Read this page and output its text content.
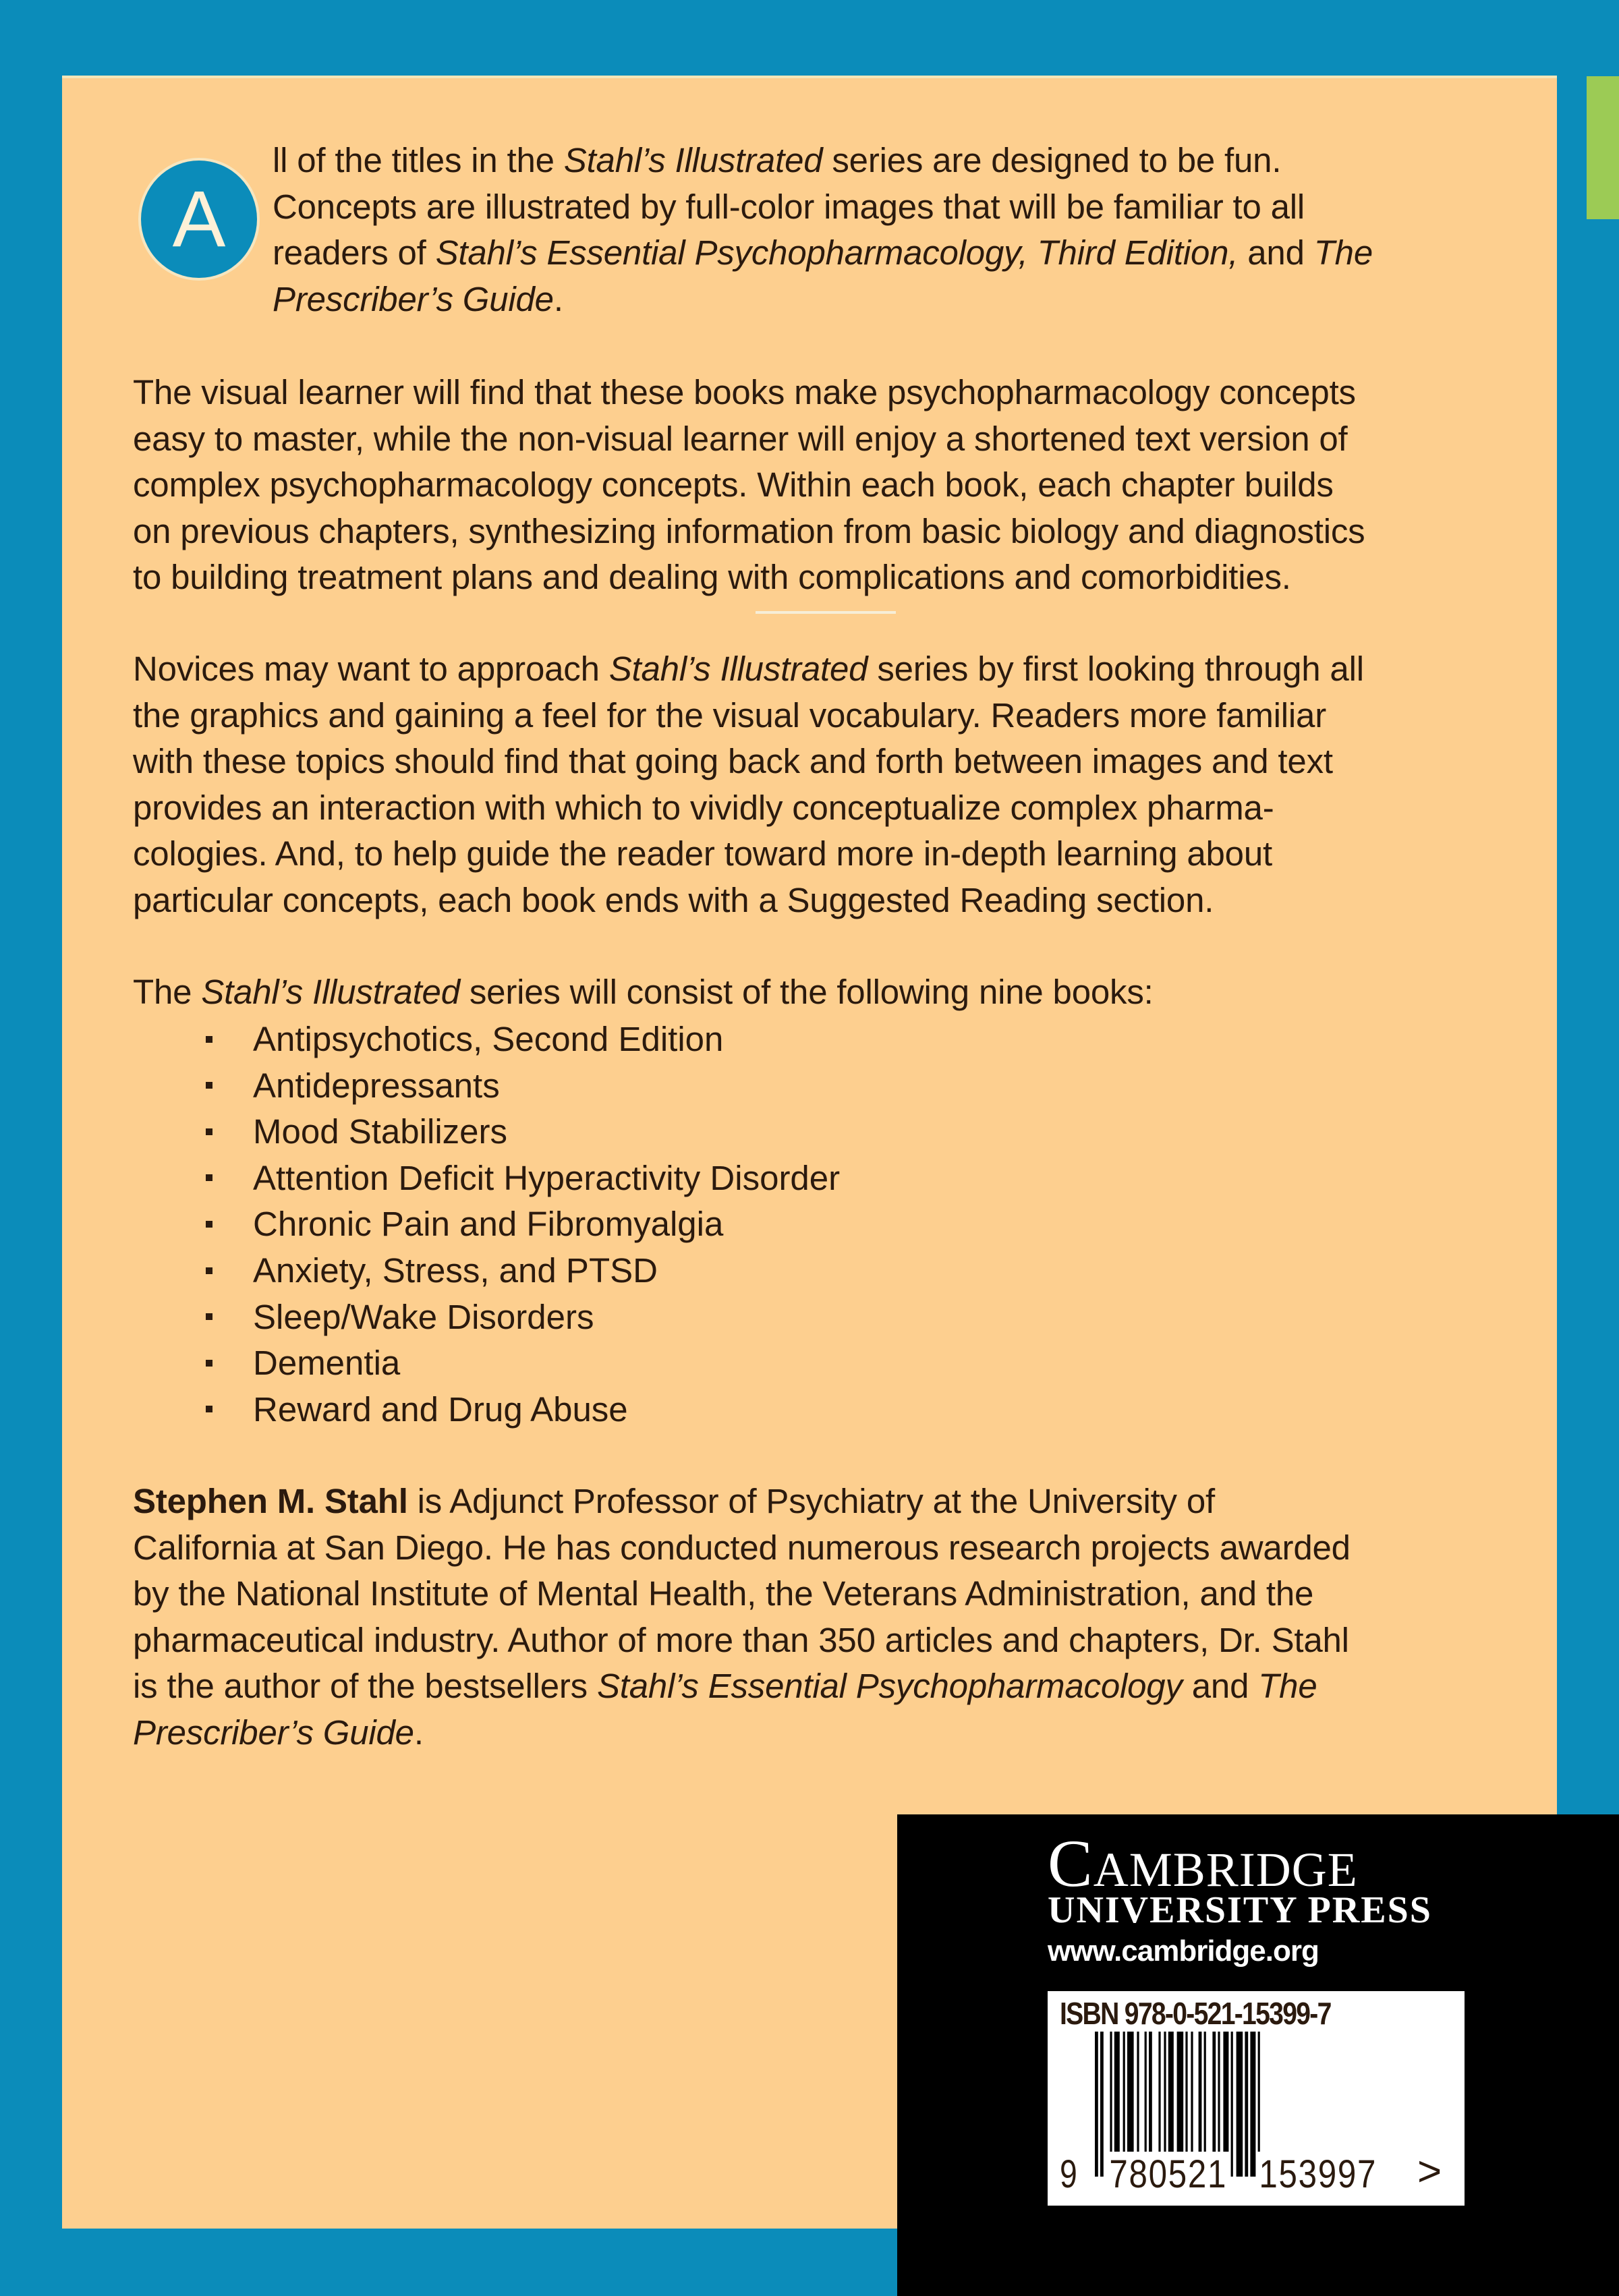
A
ll of the titles in the Stahl’s Illustrated series are designed to be fun.
Concepts are illustrated by full-color images that will be familiar to all
readers of Stahl’s Essential Psychopharmacology, Third Edition, and The
Prescriber’s Guide.
The visual learner will find that these books make psychopharmacology concepts
easy to master, while the non-visual learner will enjoy a shortened text version of
complex psychopharmacology concepts. Within each book, each chapter builds
on previous chapters, synthesizing information from basic biology and diagnostics
to building treatment plans and dealing with complications and comorbidities.
Novices may want to approach Stahl’s Illustrated series by first looking through all
the graphics and gaining a feel for the visual vocabulary. Readers more familiar
with these topics should find that going back and forth between images and text
provides an interaction with which to vividly conceptualize complex pharma-
cologies. And, to help guide the reader toward more in-depth learning about
particular concepts, each book ends with a Suggested Reading section.
The Stahl’s Illustrated series will consist of the following nine books:
Antipsychotics, Second Edition
Antidepressants
Mood Stabilizers
Attention Deficit Hyperactivity Disorder
Chronic Pain and Fibromyalgia
Anxiety, Stress, and PTSD
Sleep/Wake Disorders
Dementia
Reward and Drug Abuse
Stephen M. Stahl is Adjunct Professor of Psychiatry at the University of
California at San Diego. He has conducted numerous research projects awarded
by the National Institute of Mental Health, the Veterans Administration, and the
pharmaceutical industry. Author of more than 350 articles and chapters, Dr. Stahl
is the author of the bestsellers Stahl’s Essential Psychopharmacology and The
Prescriber’s Guide.
CAMBRIDGE
UNIVERSITY PRESS
www.cambridge.org
ISBN 978-0-521-15399-7
9 780521 153997 >
